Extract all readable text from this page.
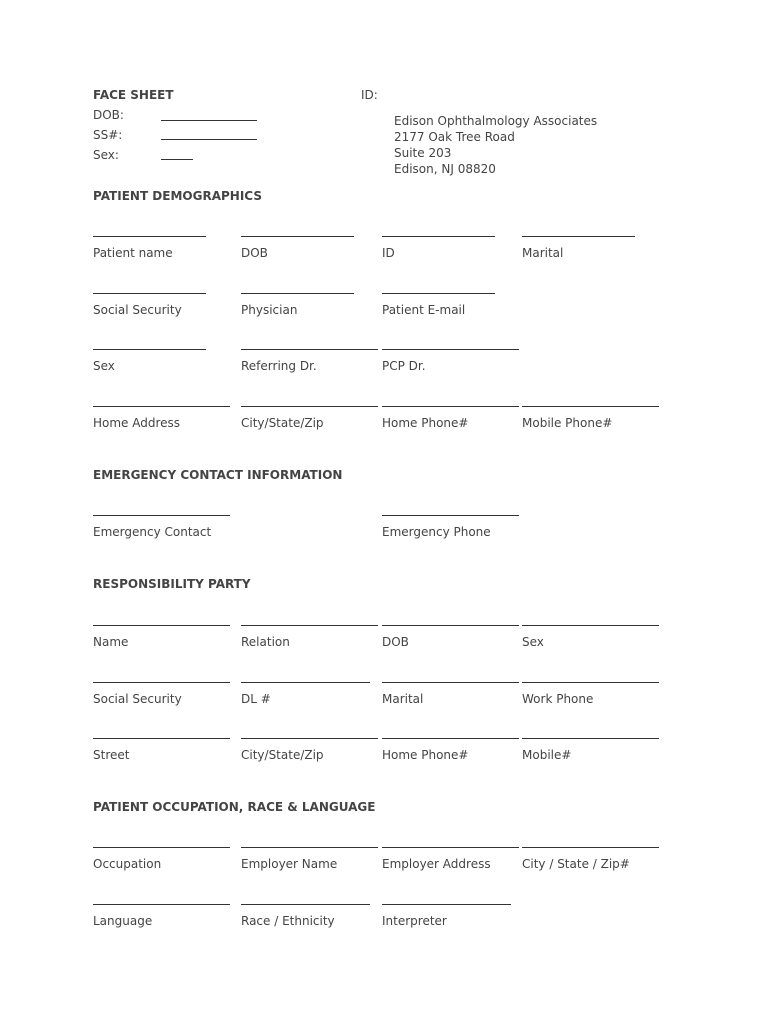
FACE SHEET	ID:
DOB:
SS#:
Sex:
Edison Ophthalmology Associates
2177 Oak Tree Road
Suite 203
Edison, NJ 08820
PATIENT DEMOGRAPHICS
Patient name	DOB	ID	Marital
Social Security	Physician	Patient E-mail
Sex	Referring Dr.	PCP Dr.
Home Address	City/State/Zip	Home Phone#	Mobile Phone#
EMERGENCY CONTACT INFORMATION
Emergency Contact	Emergency Phone
RESPONSIBILITY PARTY
Name	Relation	DOB	Sex
Social Security	DL #	Marital	Work Phone
Street	City/State/Zip	Home Phone#	Mobile#
PATIENT OCCUPATION, RACE & LANGUAGE
Occupation	Employer Name	Employer Address	City / State / Zip#
Language	Race / Ethnicity	Interpreter
